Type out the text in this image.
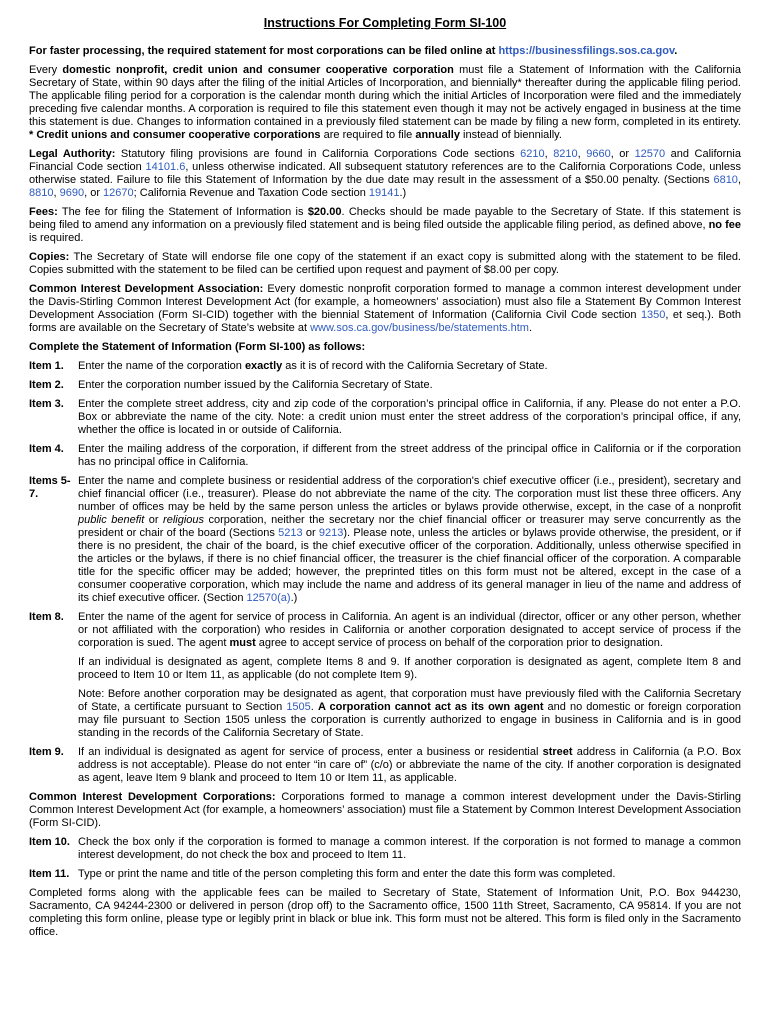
Instructions For Completing Form SI-100
For faster processing, the required statement for most corporations can be filed online at https://businessfilings.sos.ca.gov.
Every domestic nonprofit, credit union and consumer cooperative corporation must file a Statement of Information with the California Secretary of State, within 90 days after the filing of the initial Articles of Incorporation, and biennially* thereafter during the applicable filing period. The applicable filing period for a corporation is the calendar month during which the initial Articles of Incorporation were filed and the immediately preceding five calendar months. A corporation is required to file this statement even though it may not be actively engaged in business at the time this statement is due. Changes to information contained in a previously filed statement can be made by filing a new form, completed in its entirety. * Credit unions and consumer cooperative corporations are required to file annually instead of biennially.
Legal Authority: Statutory filing provisions are found in California Corporations Code sections 6210, 8210, 9660, or 12570 and California Financial Code section 14101.6, unless otherwise indicated. All subsequent statutory references are to the California Corporations Code, unless otherwise stated. Failure to file this Statement of Information by the due date may result in the assessment of a $50.00 penalty. (Sections 6810, 8810, 9690, or 12670; California Revenue and Taxation Code section 19141.)
Fees: The fee for filing the Statement of Information is $20.00. Checks should be made payable to the Secretary of State. If this statement is being filed to amend any information on a previously filed statement and is being filed outside the applicable filing period, as defined above, no fee is required.
Copies: The Secretary of State will endorse file one copy of the statement if an exact copy is submitted along with the statement to be filed. Copies submitted with the statement to be filed can be certified upon request and payment of $8.00 per copy.
Common Interest Development Association: Every domestic nonprofit corporation formed to manage a common interest development under the Davis-Stirling Common Interest Development Act (for example, a homeowners’ association) must also file a Statement By Common Interest Development Association (Form SI-CID) together with the biennial Statement of Information (California Civil Code section 1350, et seq.). Both forms are available on the Secretary of State’s website at www.sos.ca.gov/business/be/statements.htm.
Complete the Statement of Information (Form SI-100) as follows:
Item 1.	Enter the name of the corporation exactly as it is of record with the California Secretary of State.
Item 2.	Enter the corporation number issued by the California Secretary of State.
Item 3.	Enter the complete street address, city and zip code of the corporation’s principal office in California, if any. Please do not enter a P.O. Box or abbreviate the name of the city. Note: a credit union must enter the street address of the corporation’s principal office, if any, whether the office is located in or outside of California.
Item 4.	Enter the mailing address of the corporation, if different from the street address of the principal office in California or if the corporation has no principal office in California.
Items 5-7.
Enter the name and complete business or residential address of the corporation's chief executive officer (i.e., president), secretary and chief financial officer (i.e., treasurer). Please do not abbreviate the name of the city. The corporation must list these three officers. Any number of offices may be held by the same person unless the articles or bylaws provide otherwise, except, in the case of a nonprofit public benefit or religious corporation, neither the secretary nor the chief financial officer or treasurer may serve concurrently as the president or chair of the board (Sections 5213 or 9213). Please note, unless the articles or bylaws provide otherwise, the president, or if there is no president, the chair of the board, is the chief executive officer of the corporation. Additionally, unless otherwise specified in the articles or the bylaws, if there is no chief financial officer, the treasurer is the chief financial officer of the corporation. A comparable title for the specific officer may be added; however, the preprinted titles on this form must not be altered, except in the case of a consumer cooperative corporation, which may include the name and address of its general manager in lieu of the name and address of its chief executive officer. (Section 12570(a).)
Item 8.	Enter the name of the agent for service of process in California. An agent is an individual (director, officer or any other person, whether or not affiliated with the corporation) who resides in California or another corporation designated to accept service of process if the corporation is sued. The agent must agree to accept service of process on behalf of the corporation prior to designation.
If an individual is designated as agent, complete Items 8 and 9. If another corporation is designated as agent, complete Item 8 and proceed to Item 10 or Item 11, as applicable (do not complete Item 9).
Note: Before another corporation may be designated as agent, that corporation must have previously filed with the California Secretary of State, a certificate pursuant to Section 1505. A corporation cannot act as its own agent and no domestic or foreign corporation may file pursuant to Section 1505 unless the corporation is currently authorized to engage in business in California and is in good standing in the records of the California Secretary of State.
Item 9.	If an individual is designated as agent for service of process, enter a business or residential street address in California (a P.O. Box address is not acceptable). Please do not enter “in care of” (c/o) or abbreviate the name of the city. If another corporation is designated as agent, leave Item 9 blank and proceed to Item 10 or Item 11, as applicable.
Common Interest Development Corporations: Corporations formed to manage a common interest development under the Davis-Stirling Common Interest Development Act (for example, a homeowners’ association) must file a Statement by Common Interest Development Association (Form SI-CID).
Item 10. Check the box only if the corporation is formed to manage a common interest. If the corporation is not formed to manage a common interest development, do not check the box and proceed to Item 11.
Item 11. Type or print the name and title of the person completing this form and enter the date this form was completed.
Completed forms along with the applicable fees can be mailed to Secretary of State, Statement of Information Unit, P.O. Box 944230, Sacramento, CA 94244-2300 or delivered in person (drop off) to the Sacramento office, 1500 11th Street, Sacramento, CA 95814. If you are not completing this form online, please type or legibly print in black or blue ink. This form must not be altered. This form is filed only in the Sacramento office.
